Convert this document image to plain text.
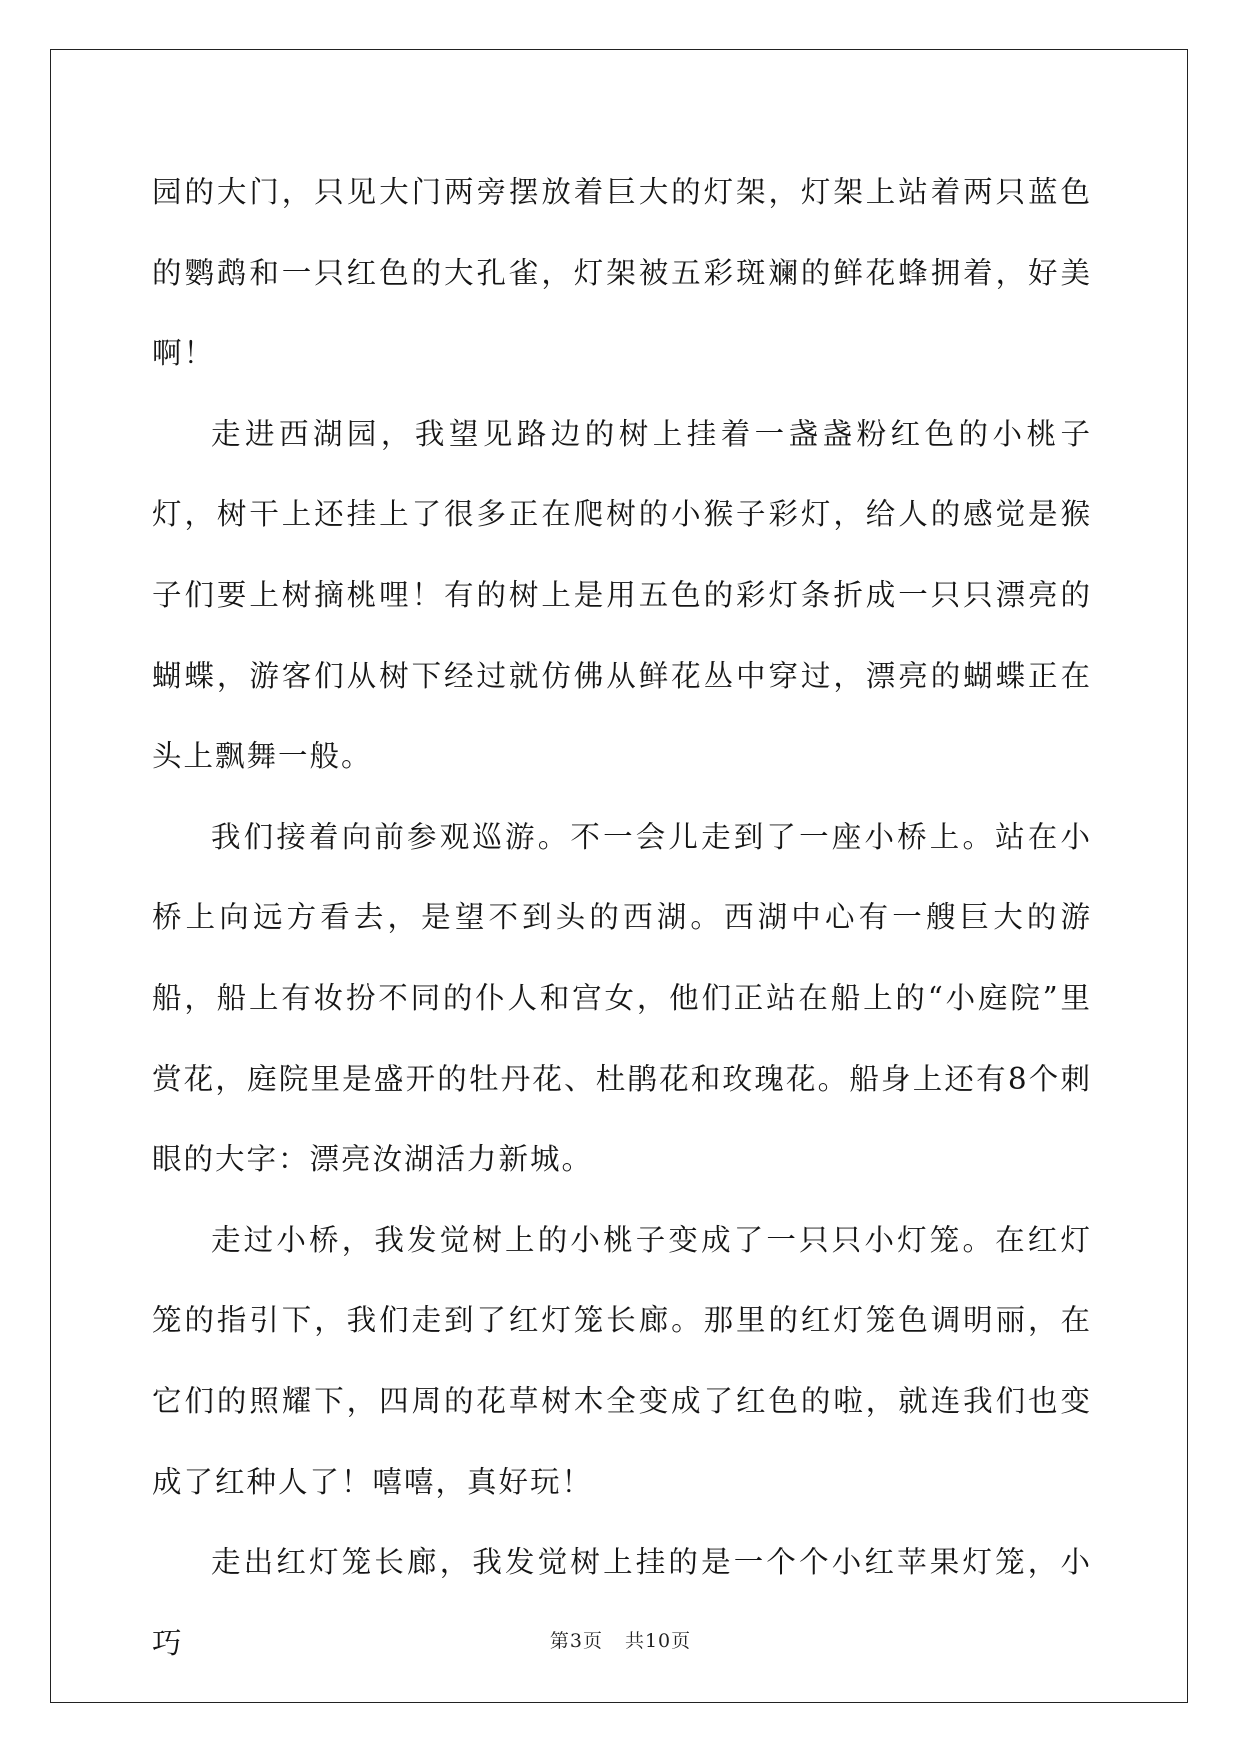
园的大门，只见大门两旁摆放着巨大的灯架，灯架上站着两只蓝色的鹦鹉和一只红色的大孔雀，灯架被五彩斑斓的鲜花蜂拥着，好美啊！

走进西湖园，我望见路边的树上挂着一盏盏粉红色的小桃子灯，树干上还挂上了很多正在爬树的小猴子彩灯，给人的感觉是猴子们要上树摘桃哩！有的树上是用五色的彩灯条折成一只只漂亮的蝴蝶，游客们从树下经过就仿佛从鲜花丛中穿过，漂亮的蝴蝶正在头上飘舞一般。

我们接着向前参观巡游。不一会儿走到了一座小桥上。站在小桥上向远方看去，是望不到头的西湖。西湖中心有一艘巨大的游船，船上有妆扮不同的仆人和宫女，他们正站在船上的“小庭院”里赏花，庭院里是盛开的牡丹花、杜鹃花和玫瑰花。船身上还有8个刺眼的大字：漂亮汝湖活力新城。

走过小桥，我发觉树上的小桃子变成了一只只小灯笼。在红灯笼的指引下，我们走到了红灯笼长廊。那里的红灯笼色调明丽，在它们的照耀下，四周的花草树木全变成了红色的啦，就连我们也变成了红种人了！嘻嘻，真好玩！

走出红灯笼长廊，我发觉树上挂的是一个个小红苹果灯笼，小巧	第3页 共10页
